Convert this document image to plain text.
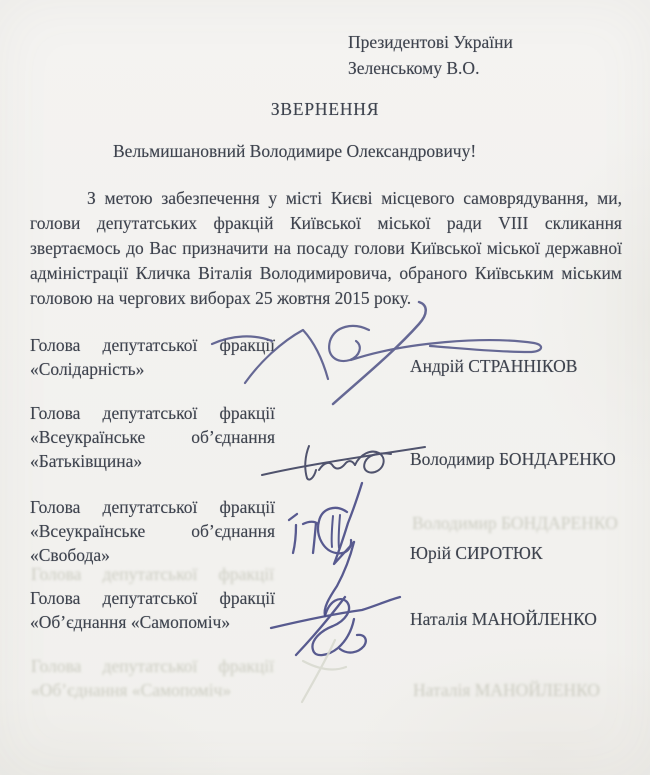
Президентові України
Зеленському В.О.
ЗВЕРНЕННЯ
Вельмишановний Володимире Олександровичу!

З метою забезпечення у місті Києві місцевого самоврядування, ми, голови депутатських фракцій Київської міської ради VIII скликання звертаємось до Вас призначити на посаду голови Київської міської державної адміністрації Кличка Віталія Володимировича, обраного Київським міським головою на чергових виборах 25 жовтня 2015 року.

Голова депутатської фракції «Солідарність»	Андрій СТРАННІКОВ
Голова депутатської фракції «Всеукраїнське об’єднання «Батьківщина»	Володимир БОНДАРЕНКО
Голова депутатської фракції «Всеукраїнське об’єднання «Свобода»	Юрій СИРОТЮК
Голова депутатської фракції «Об’єднання «Самопоміч»	Наталія МАНОЙЛЕНКО
Володимир БОНДАРЕНКО
Голова депутатської фракції
Голова депутатської фракції
«Об’єднання «Самопоміч»	Наталія МАНОЙЛЕНКО
